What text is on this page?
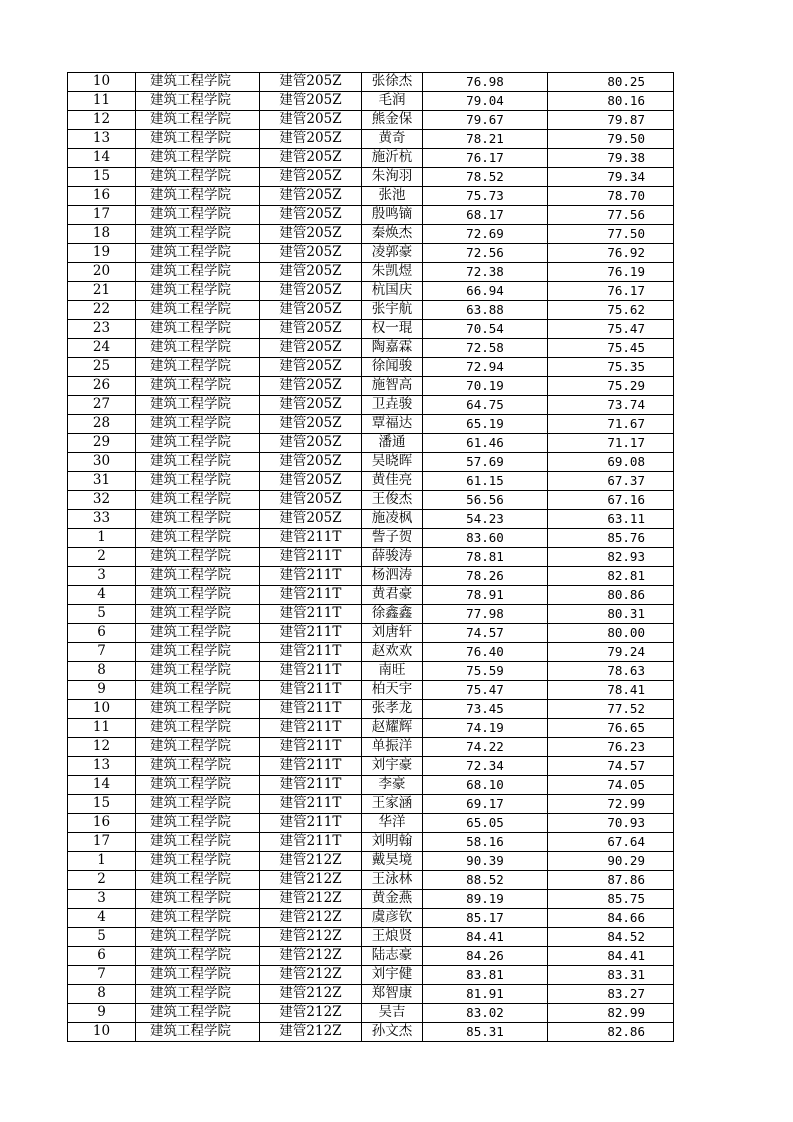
10	建筑工程学院	建管205Z	张徐杰	76.98	80.25
11	建筑工程学院	建管205Z	毛润	79.04	80.16
12	建筑工程学院	建管205Z	熊金保	79.67	79.87
13	建筑工程学院	建管205Z	黄奇	78.21	79.50
14	建筑工程学院	建管205Z	施沂杭	76.17	79.38
15	建筑工程学院	建管205Z	朱洵羽	78.52	79.34
16	建筑工程学院	建管205Z	张池	75.73	78.70
17	建筑工程学院	建管205Z	殷鸣镝	68.17	77.56
18	建筑工程学院	建管205Z	秦焕杰	72.69	77.50
19	建筑工程学院	建管205Z	凌郭豪	72.56	76.92
20	建筑工程学院	建管205Z	朱凯煜	72.38	76.19
21	建筑工程学院	建管205Z	杭国庆	66.94	76.17
22	建筑工程学院	建管205Z	张宇航	63.88	75.62
23	建筑工程学院	建管205Z	权一琨	70.54	75.47
24	建筑工程学院	建管205Z	陶嘉霖	72.58	75.45
25	建筑工程学院	建管205Z	徐闻骏	72.94	75.35
26	建筑工程学院	建管205Z	施智高	70.19	75.29
27	建筑工程学院	建管205Z	卫垚骏	64.75	73.74
28	建筑工程学院	建管205Z	覃福达	65.19	71.67
29	建筑工程学院	建管205Z	潘通	61.46	71.17
30	建筑工程学院	建管205Z	吴晓晖	57.69	69.08
31	建筑工程学院	建管205Z	黄佳亮	61.15	67.37
32	建筑工程学院	建管205Z	王俊杰	56.56	67.16
33	建筑工程学院	建管205Z	施凌枫	54.23	63.11
1	建筑工程学院	建管211T	訾子贺	83.60	85.76
2	建筑工程学院	建管211T	薛骏涛	78.81	82.93
3	建筑工程学院	建管211T	杨泗涛	78.26	82.81
4	建筑工程学院	建管211T	黄君豪	78.91	80.86
5	建筑工程学院	建管211T	徐鑫鑫	77.98	80.31
6	建筑工程学院	建管211T	刘唐轩	74.57	80.00
7	建筑工程学院	建管211T	赵欢欢	76.40	79.24
8	建筑工程学院	建管211T	南旺	75.59	78.63
9	建筑工程学院	建管211T	柏天宇	75.47	78.41
10	建筑工程学院	建管211T	张孝龙	73.45	77.52
11	建筑工程学院	建管211T	赵耀辉	74.19	76.65
12	建筑工程学院	建管211T	单振洋	74.22	76.23
13	建筑工程学院	建管211T	刘宇豪	72.34	74.57
14	建筑工程学院	建管211T	李豪	68.10	74.05
15	建筑工程学院	建管211T	王家涵	69.17	72.99
16	建筑工程学院	建管211T	华洋	65.05	70.93
17	建筑工程学院	建管211T	刘明翰	58.16	67.64
1	建筑工程学院	建管212Z	戴昊境	90.39	90.29
2	建筑工程学院	建管212Z	王泳林	88.52	87.86
3	建筑工程学院	建管212Z	黄金燕	89.19	85.75
4	建筑工程学院	建管212Z	虞彦钦	85.17	84.66
5	建筑工程学院	建管212Z	王烺贤	84.41	84.52
6	建筑工程学院	建管212Z	陆志豪	84.26	84.41
7	建筑工程学院	建管212Z	刘宇健	83.81	83.31
8	建筑工程学院	建管212Z	郑智康	81.91	83.27
9	建筑工程学院	建管212Z	吴吉	83.02	82.99
10	建筑工程学院	建管212Z	孙文杰	85.31	82.86
